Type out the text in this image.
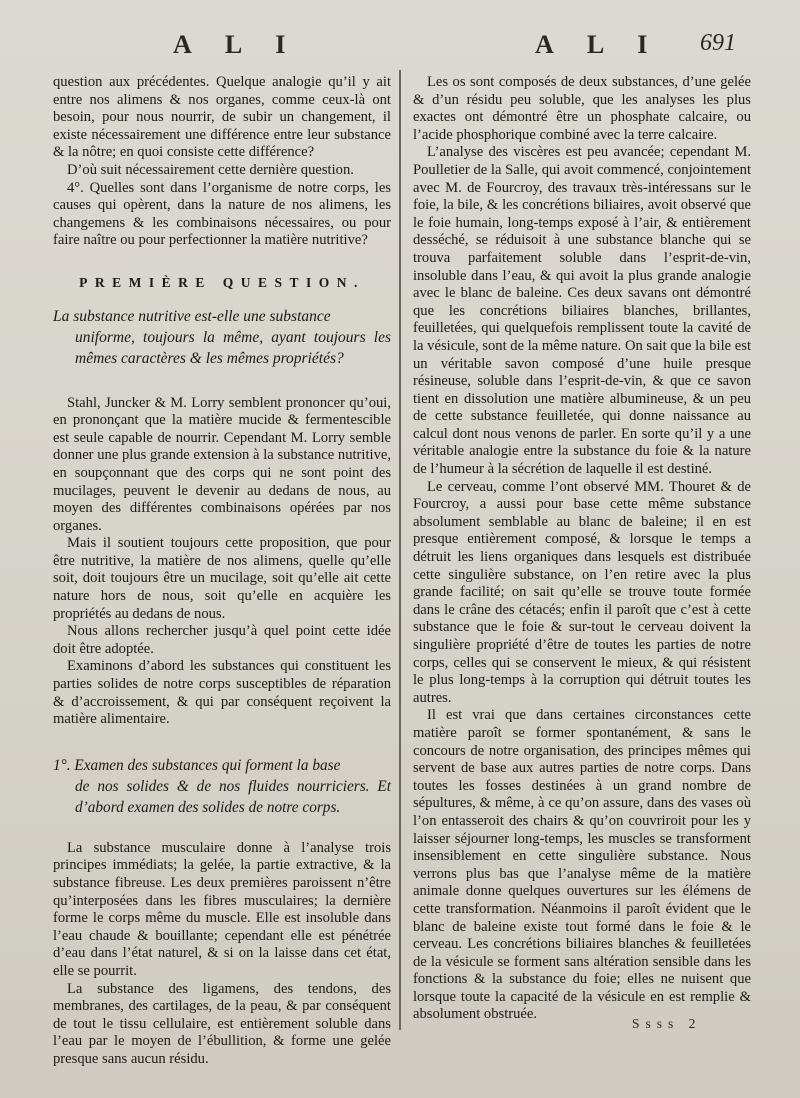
A L I	A L I 691

question aux précédentes. Quelque analogie qu’il y ait entre nos alimens & nos organes, comme ceux-là ont besoin, pour nous nourrir, de subir un changement, il existe nécessairement une différence entre leur substance & la nôtre; en quoi consiste cette différence?

D’où suit nécessairement cette dernière question.

4°. Quelles sont dans l’organisme de notre corps, les causes qui opèrent, dans la nature de nos alimens, les changemens & les combinaisons nécessaires, ou pour faire naître ou pour perfectionner la matière nutritive?

PREMIÈRE QUESTION.
La substance nutritive est-elle une substance
uniforme, toujours la même, ayant toujours les mêmes caractères & les mêmes propriétés?

Stahl, Juncker & M. Lorry semblent prononcer qu’oui, en prononçant que la matière mucide & fermentescible est seule capable de nourrir. Cependant M. Lorry semble donner une plus grande extension à la substance nutritive, en soupçonnant que des corps qui ne sont point des mucilages, peuvent le devenir au dedans de nous, au moyen des différentes combinaisons opérées par nos organes.

Mais il soutient toujours cette proposition, que pour être nutritive, la matière de nos alimens, quelle qu’elle soit, doit toujours être un mucilage, soit qu’elle ait cette nature hors de nous, soit qu’elle en acquière les propriétés au dedans de nous.

Nous allons rechercher jusqu’à quel point cette idée doit être adoptée.

Examinons d’abord les substances qui constituent les parties solides de notre corps susceptibles de réparation & d’accroissement, & qui par conséquent reçoivent la matière alimentaire.

1°. Examen des substances qui forment la base
de nos solides & de nos fluides nourriciers. Et d’abord examen des solides de notre corps.

La substance musculaire donne à l’analyse trois principes immédiats; la gelée, la partie extractive, & la substance fibreuse. Les deux premières paroissent n’être qu’interposées dans les fibres musculaires; la dernière forme le corps même du muscle. Elle est insoluble dans l’eau chaude & bouillante; cependant elle est pénétrée d’eau dans l’état naturel, & si on la laisse dans cet état, elle se pourrit.

La substance des ligamens, des tendons, des membranes, des cartilages, de la peau, & par conséquent de tout le tissu cellulaire, est entièrement soluble dans l’eau par le moyen de l’ébullition, & forme une gelée presque sans aucun résidu.

Les os sont composés de deux substances, d’une gelée & d’un résidu peu soluble, que les analyses les plus exactes ont démontré être un phosphate calcaire, ou l’acide phosphorique combiné avec la terre calcaire.

L’analyse des viscères est peu avancée; cependant M. Poulletier de la Salle, qui avoit commencé, conjointement avec M. de Fourcroy, des travaux très-intéressans sur le foie, la bile, & les concrétions biliaires, avoit observé que le foie humain, long-temps exposé à l’air, & entièrement desséché, se réduisoit à une substance blanche qui se trouva parfaitement soluble dans l’esprit-de-vin, insoluble dans l’eau, & qui avoit la plus grande analogie avec le blanc de baleine. Ces deux savans ont démontré que les concrétions biliaires blanches, brillantes, feuilletées, qui quelquefois remplissent toute la cavité de la vésicule, sont de la même nature. On sait que la bile est un véritable savon composé d’une huile presque résineuse, soluble dans l’esprit-de-vin, & que ce savon tient en dissolution une matière albumineuse, & un peu de cette substance feuilletée, qui donne naissance au calcul dont nous venons de parler. En sorte qu’il y a une véritable analogie entre la substance du foie & la nature de l’humeur à la sécrétion de laquelle il est destiné.

Le cerveau, comme l’ont observé MM. Thouret & de Fourcroy, a aussi pour base cette même substance absolument semblable au blanc de baleine; il en est presque entièrement composé, & lorsque le temps a détruit les liens organiques dans lesquels est distribuée cette singulière substance, on l’en retire avec la plus grande facilité; on sait qu’elle se trouve toute formée dans le crâne des cétacés; enfin il paroît que c’est à cette substance que le foie & sur-tout le cerveau doivent la singulière propriété d’être de toutes les parties de notre corps, celles qui se conservent le mieux, & qui résistent le plus long-temps à la corruption qui détruit toutes les autres.

Il est vrai que dans certaines circonstances cette matière paroît se former spontanément, & sans le concours de notre organisation, des principes mêmes qui servent de base aux autres parties de notre corps. Dans toutes les fosses destinées à un grand nombre de sépultures, & même, à ce qu’on assure, dans des vases où l’on entasseroit des chairs & qu’on couvriroit pour les y laisser séjourner long-temps, les muscles se transforment insensiblement en cette singulière substance. Nous verrons plus bas que l’analyse même de la matière animale donne quelques ouvertures sur les élémens de cette transformation. Néanmoins il paroît évident que le blanc de baleine existe tout formé dans le foie & le cerveau. Les concrétions biliaires blanches & feuilletées de la vésicule se forment sans altération sensible dans les fonctions & la substance du foie; elles ne nuisent que lorsque toute la capacité de la vésicule en est remplie & absolument obstruée.

Ssss 2
